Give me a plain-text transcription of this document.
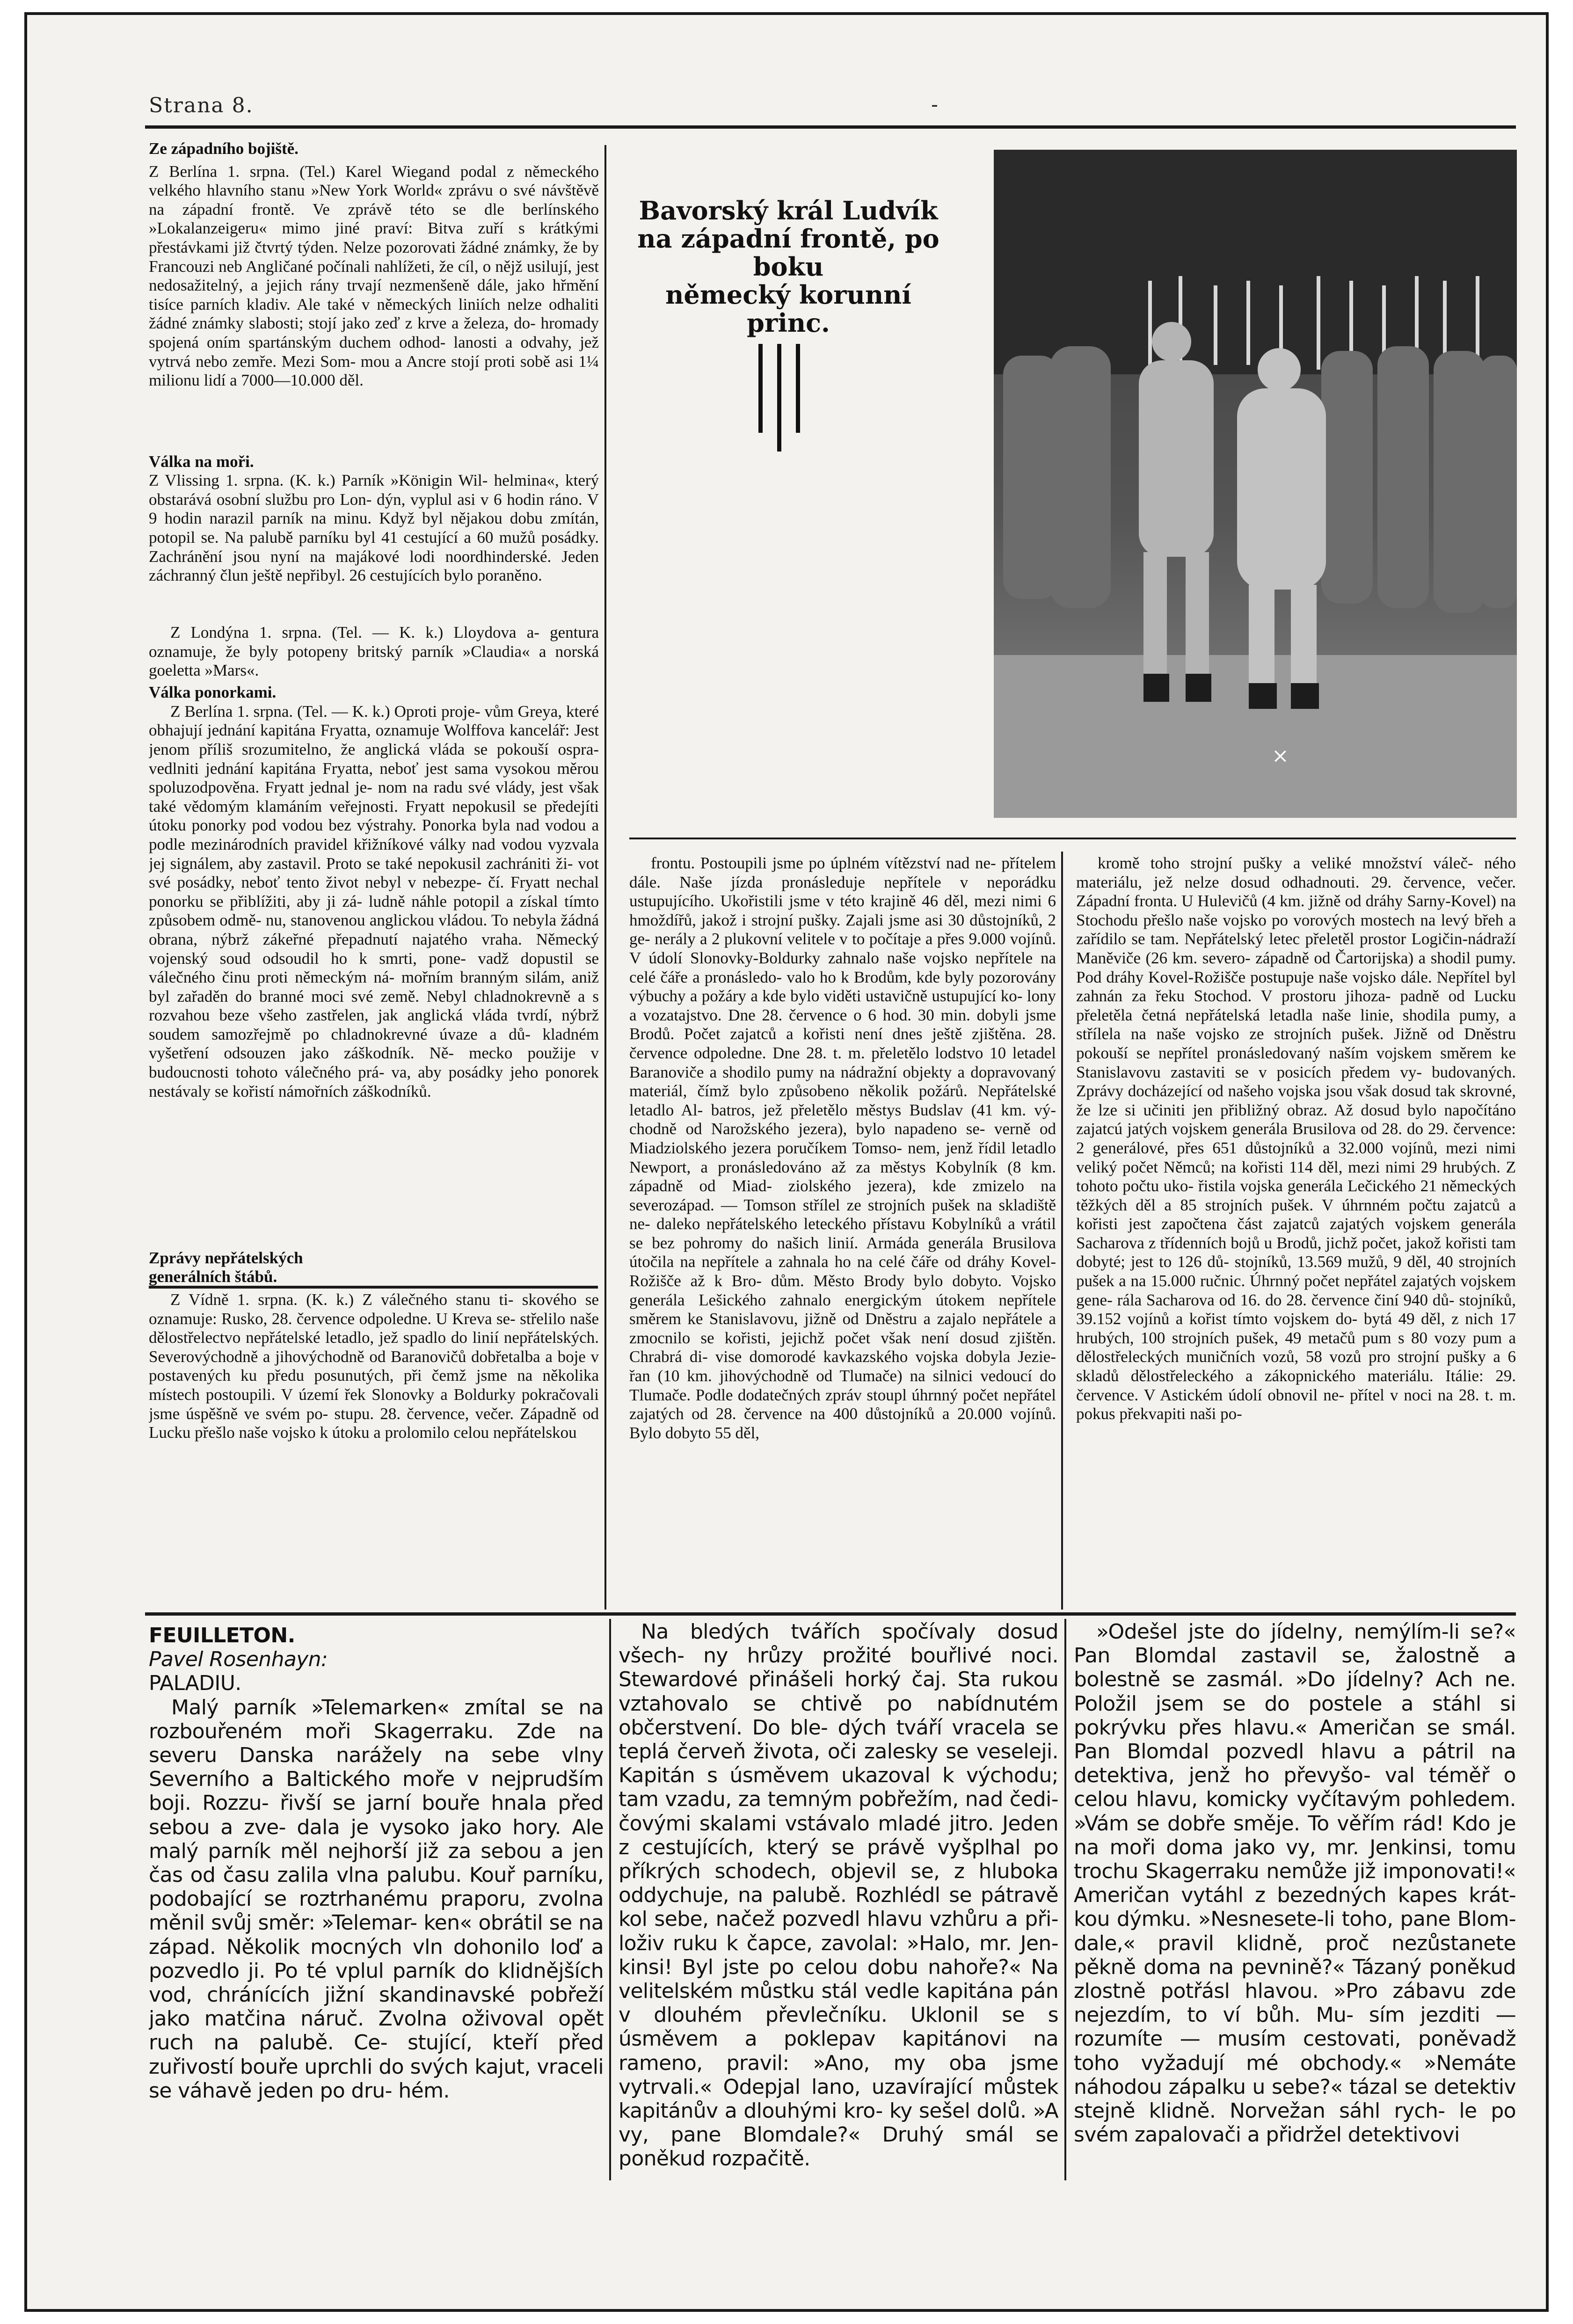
Strana 8.	-

Ze západního bojiště.

Z Berlína 1. srpna. (Tel.) Karel Wiegand podal z německého velkého hlavního stanu »New York World« zprávu o své návštěvě na západní frontě. Ve zprávě této se dle berlínského »Lokalanzeigeru« mimo jiné praví: Bitva zuří s krátkými přestávkami již čtvrtý týden. Nelze pozorovati žádné známky, že by Francouzi neb Angličané počínali nahlížeti, že cíl, o nějž usilují, jest nedosažitelný, a jejich rány trvají nezmenšeně dále, jako hřmění tisíce parních kladiv. Ale také v německých liniích nelze odhaliti žádné známky slabosti; stojí jako zeď z krve a železa, do- hromady spojená oním spartánským duchem odhod- lanosti a odvahy, jež vytrvá nebo zemře. Mezi Som- mou a Ancre stojí proti sobě asi 1¼ milionu lidí a 7000—10.000 děl.

Válka na moři.

Z Vlissing 1. srpna. (K. k.) Parník »Königin Wil- helmina«, který obstarává osobní službu pro Lon- dýn, vyplul asi v 6 hodin ráno. V 9 hodin narazil parník na minu. Když byl nějakou dobu zmítán, potopil se. Na palubě parníku byl 41 cestující a 60 mužů posádky. Zachránění jsou nyní na majákové lodi noordhinderské. Jeden záchranný člun ještě nepřibyl. 26 cestujících bylo poraněno.

Z Londýna 1. srpna. (Tel. — K. k.) Lloydova a- gentura oznamuje, že byly potopeny britský parník »Claudia« a norská goeletta »Mars«.

Válka ponorkami.

Z Berlína 1. srpna. (Tel. — K. k.) Oproti proje- vům Greya, které obhajují jednání kapitána Fryatta, oznamuje Wolffova kancelář: Jest jenom příliš srozumitelno, že anglická vláda se pokouší ospra- vedlniti jednání kapitána Fryatta, neboť jest sama vysokou měrou spoluzodpověna. Fryatt jednal je- nom na radu své vlády, jest však také vědomým klamáním veřejnosti. Fryatt nepokusil se předejíti útoku ponorky pod vodou bez výstrahy. Ponorka byla nad vodou a podle mezinárodních pravidel křižníkové války nad vodou vyzvala jej signálem, aby zastavil. Proto se také nepokusil zachrániti ži- vot své posádky, neboť tento život nebyl v nebezpe- čí. Fryatt nechal ponorku se přiblížiti, aby ji zá- ludně náhle potopil a získal tímto způsobem odmě- nu, stanovenou anglickou vládou. To nebyla žádná obrana, nýbrž zákeřné přepadnutí najatého vraha. Německý vojenský soud odsoudil ho k smrti, pone- vadž dopustil se válečného činu proti německým ná- mořním branným silám, aniž byl zařaděn do branné moci své země. Nebyl chladnokrevně a s rozvahou beze všeho zastřelen, jak anglická vláda tvrdí, nýbrž soudem samozřejmě po chladnokrevné úvaze a dů- kladném vyšetření odsouzen jako záškodník. Ně- mecko použije v budoucnosti tohoto válečného prá- va, aby posádky jeho ponorek nestávaly se kořistí námořních záškodníků.

Zprávy nepřátelských

generálních štábů.

Z Vídně 1. srpna. (K. k.) Z válečného stanu ti- skového se oznamuje: Rusko, 28. července odpoledne. U Kreva se- střelilo naše dělostřelectvo nepřátelské letadlo, jež spadlo do linií nepřátelských. Severovýchodně a jihovýchodně od Baranovičů dobřetalba a boje v postavených ku předu posunutých, při čemž jsme na několika místech postoupili. V území řek Slonovky a Boldurky pokračovali jsme úspěšně ve svém po- stupu. 28. července, večer. Západně od Lucku přešlo naše vojsko k útoku a prolomilo celou nepřátelskou

Bavorský král Ludvík
na západní frontě, po boku
německý korunní
princ.
×

frontu. Postoupili jsme po úplném vítězství nad ne- přítelem dále. Naše jízda pronásleduje nepřítele v neporádku ustupujícího. Ukořistili jsme v této krajině 46 děl, mezi nimi 6 hmoždířů, jakož i strojní pušky. Zajali jsme asi 30 důstojníků, 2 ge- nerály a 2 plukovní velitele v to počítaje a přes 9.000 vojínů. V údolí Slonovky-Boldurky zahnalo naše vojsko nepřítele na celé čáře a pronásledo- valo ho k Brodům, kde byly pozorovány výbuchy a požáry a kde bylo viděti ustavičně ustupující ko- lony a vozatajstvo. Dne 28. července o 6 hod. 30 min. dobyli jsme Brodů. Počet zajatců a kořisti není dnes ještě zjištěna. 28. července odpoledne. Dne 28. t. m. přeletělo lodstvo 10 letadel Baranoviče a shodilo pumy na nádražní objekty a dopravovaný materiál, čímž bylo způsobeno několik požárů. Nepřátelské letadlo Al- batros, jež přeletělo městys Budslav (41 km. vý- chodně od Narožského jezera), bylo napadeno se- verně od Miadziolského jezera poručíkem Tomso- nem, jenž řídil letadlo Newport, a pronásledováno až za městys Kobylník (8 km. západně od Miad- ziolského jezera), kde zmizelo na severozápad. — Tomson střílel ze strojních pušek na skladiště ne- daleko nepřátelského leteckého přístavu Kobylníků a vrátil se bez pohromy do našich linií. Armáda generála Brusilova útočila na nepřítele a zahnala ho na celé čáře od dráhy Kovel-Rožišče až k Bro- dům. Město Brody bylo dobyto. Vojsko generála Lešického zahnalo energickým útokem nepřítele směrem ke Stanislavovu, jižně od Dněstru a zajalo nepřátele a zmocnilo se kořisti, jejichž počet však není dosud zjištěn. Chrabrá di- vise domorodé kavkazského vojska dobyla Jezie- řan (10 km. jihovýchodně od Tlumače) na silnici vedoucí do Tlumače. Podle dodatečných zpráv stoupl úhrnný počet nepřátel zajatých od 28. července na 400 důstojníků a 20.000 vojínů. Bylo dobyto 55 děl,

kromě toho strojní pušky a veliké množství váleč- ného materiálu, jež nelze dosud odhadnouti. 29. července, večer. Západní fronta. U Hulevičů (4 km. jižně od dráhy Sarny-Kovel) na Stochodu přešlo naše vojsko po vorových mostech na levý břeh a zařídilo se tam. Nepřátelský letec přeletěl prostor Logičin-nádraží Maněviče (26 km. severo- západně od Čartorijska) a shodil pumy. Pod dráhy Kovel-Rožišče postupuje naše vojsko dále. Nepřítel byl zahnán za řeku Stochod. V prostoru jihoza- padně od Lucku přeletěla četná nepřátelská letadla naše linie, shodila pumy, a střílela na naše vojsko ze strojních pušek. Jižně od Dněstru pokouší se nepřítel pronásledovaný naším vojskem směrem ke Stanislavovu zastaviti se v posicích předem vy- budovaných. Zprávy docházející od našeho vojska jsou však dosud tak skrovné, že lze si učiniti jen přibližný obraz. Až dosud bylo napočítáno zajatcú jatých vojskem generála Brusilova od 28. do 29. července: 2 generálové, přes 651 důstojníků a 32.000 vojínů, mezi nimi veliký počet Němců; na kořisti 114 děl, mezi nimi 29 hrubých. Z tohoto počtu uko- řistila vojska generála Lečického 21 německých těžkých děl a 85 strojních pušek. V úhrnném počtu zajatců a kořisti jest započtena část zajatců zajatých vojskem generála Sacharova z třídenních bojů u Brodů, jichž počet, jakož kořisti tam dobyté; jest to 126 dů- stojníků, 13.569 mužů, 9 děl, 40 strojních pušek a na 15.000 ručnic. Úhrnný počet nepřátel zajatých vojskem gene- rála Sacharova od 16. do 28. července činí 940 dů- stojníků, 39.152 vojínů a kořist tímto vojskem do- bytá 49 děl, z nich 17 hrubých, 100 strojních pušek, 49 metačů pum s 80 vozy pum a dělostřeleckých muničních vozů, 58 vozů pro strojní pušky a 6 skladů dělostřeleckého a zákopnického materiálu. Itálie: 29. července. V Astickém údolí obnovil ne- přítel v noci na 28. t. m. pokus překvapiti naši po-

FEUILLETON.

Pavel Rosenhayn:

PALADIU.

Malý parník »Telemarken« zmítal se na rozbouřeném moři Skagerraku. Zde na severu Danska narážely na sebe vlny Severního a Baltického moře v nejprudším boji. Rozzu- řivší se jarní bouře hnala před sebou a zve- dala je vysoko jako hory. Ale malý parník měl nejhorší již za sebou a jen čas od času zalila vlna palubu. Kouř parníku, podobající se roztrhanému praporu, zvolna měnil svůj směr: »Telemar- ken« obrátil se na západ. Několik mocných vln dohonilo loď a pozvedlo ji. Po té vplul parník do klidnějších vod, chránících jižní skandinavské pobřeží jako matčina náruč. Zvolna oživoval opět ruch na palubě. Ce- stující, kteří před zuřivostí bouře uprchli do svých kajut, vraceli se váhavě jeden po dru- hém.

Na bledých tvářích spočívaly dosud všech- ny hrůzy prožité bouřlivé noci. Stewardové přinášeli horký čaj. Sta rukou vztahovalo se chtivě po nabídnutém občerstvení. Do ble- dých tváří vracela se teplá červeň života, oči zalesky se veseleji. Kapitán s úsměvem ukazoval k východu; tam vzadu, za temným pobřežím, nad čedi- čovými skalami vstávalo mladé jitro. Jeden z cestujících, který se právě vyšplhal po příkrých schodech, objevil se, z hluboka oddychuje, na palubě. Rozhlédl se pátravě kol sebe, načež pozvedl hlavu vzhůru a při- loživ ruku k čapce, zavolal: »Halo, mr. Jen- kinsi! Byl jste po celou dobu nahoře?« Na velitelském můstku stál vedle kapitána pán v dlouhém převlečníku. Uklonil se s úsměvem a poklepav kapitánovi na rameno, pravil: »Ano, my oba jsme vytrvali.« Odepjal lano, uzavírající můstek kapitánův a dlouhými kro- ky sešel dolů. »A vy, pane Blomdale?« Druhý smál se poněkud rozpačitě.

»Odešel jste do jídelny, nemýlím-li se?« Pan Blomdal zastavil se, žalostně a bolestně se zasmál. »Do jídelny? Ach ne. Položil jsem se do postele a stáhl si pokrývku přes hlavu.« Američan se smál. Pan Blomdal pozvedl hlavu a pátril na detektiva, jenž ho převyšo- val téměř o celou hlavu, komicky vyčítavým pohledem. »Vám se dobře směje. To věřím rád! Kdo je na moři doma jako vy, mr. Jenkinsi, tomu trochu Skagerraku nemůže již imponovati!« Američan vytáhl z bezedných kapes krát- kou dýmku. »Nesnesete-li toho, pane Blom- dale,« pravil klidně, proč nezůstanete pěkně doma na pevnině?« Tázaný poněkud zlostně potřásl hlavou. »Pro zábavu zde nejezdím, to ví bůh. Mu- sím jezditi — rozumíte — musím cestovati, poněvadž toho vyžadují mé obchody.« »Nemáte náhodou zápalku u sebe?« tázal se detektiv stejně klidně. Norvežan sáhl rych- le po svém zapalovači a přidržel detektivovi
